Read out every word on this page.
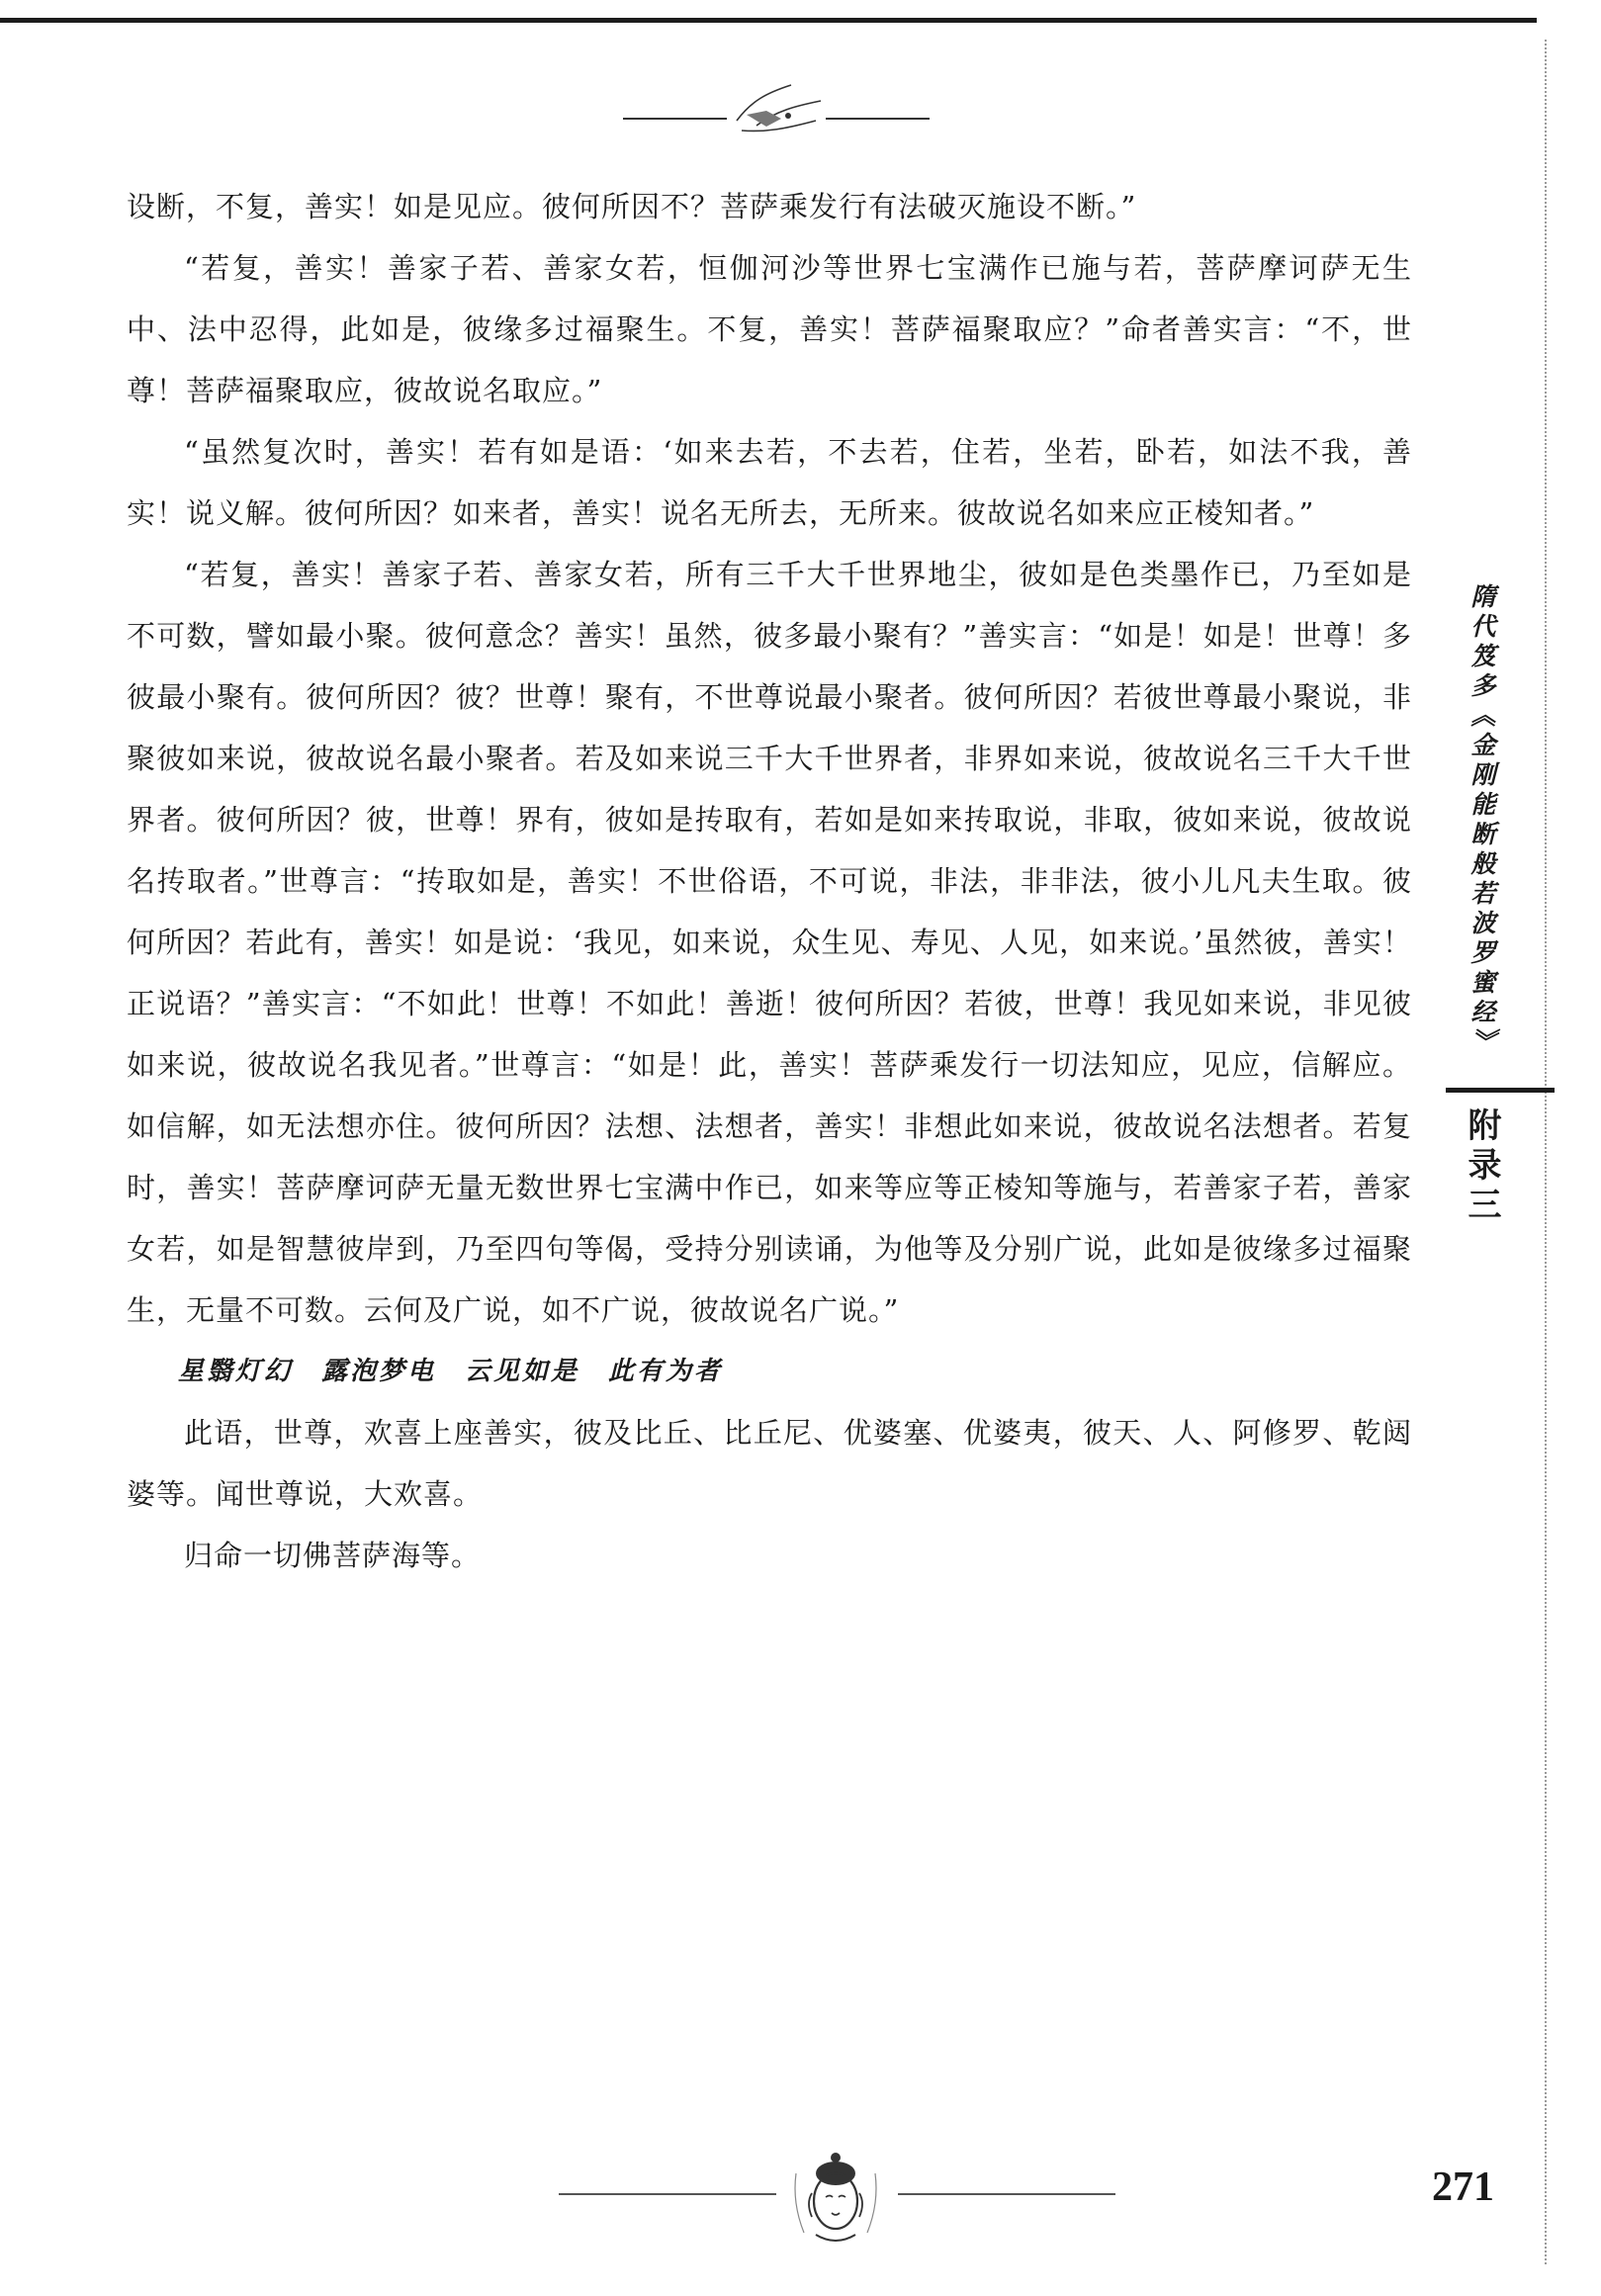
设断，不复，善实！如是见应。彼何所因不？菩萨乘发行有法破灭施设不断。”

“若复，善实！善家子若、善家女若，恒伽河沙等世界七宝满作已施与若，菩萨摩诃萨无生中、法中忍得，此如是，彼缘多过福聚生。不复，善实！菩萨福聚取应？”命者善实言：“不，世尊！菩萨福聚取应，彼故说名取应。”

“虽然复次时，善实！若有如是语：‘如来去若，不去若，住若，坐若，卧若，如法不我，善实！说义解。彼何所因？如来者，善实！说名无所去，无所来。彼故说名如来应正棱知者。”

“若复，善实！善家子若、善家女若，所有三千大千世界地尘，彼如是色类墨作已，乃至如是不可数，譬如最小聚。彼何意念？善实！虽然，彼多最小聚有？”善实言：“如是！如是！世尊！多彼最小聚有。彼何所因？彼？世尊！聚有，不世尊说最小聚者。彼何所因？若彼世尊最小聚说，非聚彼如来说，彼故说名最小聚者。若及如来说三千大千世界者，非界如来说，彼故说名三千大千世界者。彼何所因？彼，世尊！界有，彼如是抟取有，若如是如来抟取说，非取，彼如来说，彼故说名抟取者。”世尊言：“抟取如是，善实！不世俗语，不可说，非法，非非法，彼小儿凡夫生取。彼何所因？若此有，善实！如是说：‘我见，如来说，众生见、寿见、人见，如来说。’虽然彼，善实！正说语？”善实言：“不如此！世尊！不如此！善逝！彼何所因？若彼，世尊！我见如来说，非见彼如来说，彼故说名我见者。”世尊言：“如是！此，善实！菩萨乘发行一切法知应，见应，信解应。如信解，如无法想亦住。彼何所因？法想、法想者，善实！非想此如来说，彼故说名法想者。若复时，善实！菩萨摩诃萨无量无数世界七宝满中作已，如来等应等正棱知等施与，若善家子若，善家女若，如是智慧彼岸到，乃至四句等偈，受持分别读诵，为他等及分别广说，此如是彼缘多过福聚生，无量不可数。云何及广说，如不广说，彼故说名广说。”

星翳灯幻　露泡梦电　云见如是　此有为者

此语，世尊，欢喜上座善实，彼及比丘、比丘尼、优婆塞、优婆夷，彼天、人、阿修罗、乾闼婆等。闻世尊说，大欢喜。

归命一切佛菩萨海等。

隋代笈多《金刚能断般若波罗蜜经》
附录三
271
